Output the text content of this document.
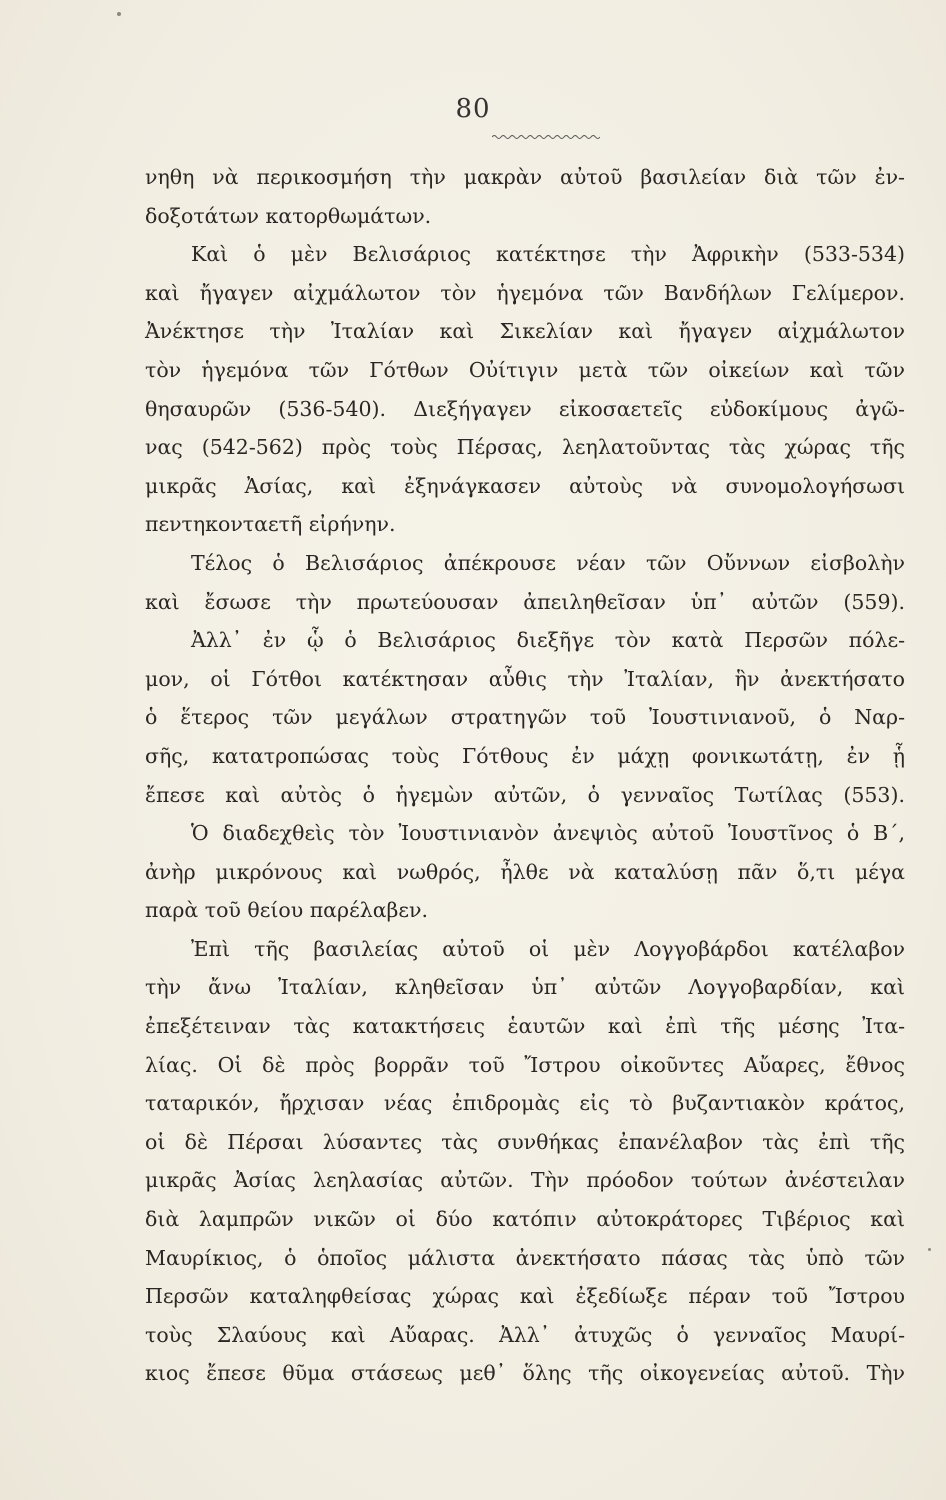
80
νηθη νὰ περικοσμήση τὴν μακρὰν αὐτοῦ βασιλείαν διὰ τῶν ἐν-
δοξοτάτων κατορθωμάτων.
Καὶ ὁ μὲν Βελισάριος κατέκτησε τὴν Ἀφρικὴν (533-534)
καὶ ἤγαγεν αἰχμάλωτον τὸν ἡγεμόνα τῶν Βανδήλων Γελίμερον.
Ἀνέκτησε τὴν Ἰταλίαν καὶ Σικελίαν καὶ ἤγαγεν αἰχμάλωτον
τὸν ἡγεμόνα τῶν Γότθων Οὐίτιγιν μετὰ τῶν οἰκείων καὶ τῶν
θησαυρῶν (536-540). Διεξήγαγεν εἰκοσαετεῖς εὐδοκίμους ἀγῶ-
νας (542-562) πρὸς τοὺς Πέρσας, λεηλατοῦντας τὰς χώρας τῆς
μικρᾶς Ἀσίας, καὶ ἐξηνάγκασεν αὐτοὺς νὰ συνομολογήσωσι
πεντηκονταετῆ εἰρήνην.
Τέλος ὁ Βελισάριος ἀπέκρουσε νέαν τῶν Οὔννων εἰσβολὴν
καὶ ἔσωσε τὴν πρωτεύουσαν ἀπειληθεῖσαν ὑπ᾽ αὐτῶν (559).
Ἀλλ᾽ ἐν ᾧ ὁ Βελισάριος διεξῆγε τὸν κατὰ Περσῶν πόλε-
μον, οἱ Γότθοι κατέκτησαν αὖθις τὴν Ἰταλίαν, ἣν ἀνεκτήσατο
ὁ ἕτερος τῶν μεγάλων στρατηγῶν τοῦ Ἰουστινιανοῦ, ὁ Ναρ-
σῆς, κατατροπώσας τοὺς Γότθους ἐν μάχῃ φονικωτάτῃ, ἐν ᾗ
ἔπεσε καὶ αὐτὸς ὁ ἡγεμὼν αὐτῶν, ὁ γενναῖος Τωτίλας (553).
Ὁ διαδεχθεὶς τὸν Ἰουστινιανὸν ἀνεψιὸς αὐτοῦ Ἰουστῖνος ὁ Β´,
ἀνὴρ μικρόνους καὶ νωθρός, ἦλθε νὰ καταλύσῃ πᾶν ὅ,τι μέγα
παρὰ τοῦ θείου παρέλαβεν.
Ἐπὶ τῆς βασιλείας αὐτοῦ οἱ μὲν Λογγοβάρδοι κατέλαβον
τὴν ἄνω Ἰταλίαν, κληθεῖσαν ὑπ᾽ αὐτῶν Λογγοβαρδίαν, καὶ
ἐπεξέτειναν τὰς κατακτήσεις ἑαυτῶν καὶ ἐπὶ τῆς μέσης Ἰτα-
λίας. Οἱ δὲ πρὸς βορρᾶν τοῦ Ἴστρου οἰκοῦντες Αὔαρες, ἔθνος
ταταρικόν, ἤρχισαν νέας ἐπιδρομὰς εἰς τὸ βυζαντιακὸν κράτος,
οἱ δὲ Πέρσαι λύσαντες τὰς συνθήκας ἐπανέλαβον τὰς ἐπὶ τῆς
μικρᾶς Ἀσίας λεηλασίας αὐτῶν. Τὴν πρόοδον τούτων ἀνέστειλαν
διὰ λαμπρῶν νικῶν οἱ δύο κατόπιν αὐτοκράτορες Τιβέριος καὶ
Μαυρίκιος, ὁ ὁποῖος μάλιστα ἀνεκτήσατο πάσας τὰς ὑπὸ τῶν
Περσῶν καταληφθείσας χώρας καὶ ἐξεδίωξε πέραν τοῦ Ἴστρου
τοὺς Σλαύους καὶ Αὔαρας. Ἀλλ᾽ ἀτυχῶς ὁ γενναῖος Μαυρί-
κιος ἔπεσε θῦμα στάσεως μεθ᾽ ὅλης τῆς οἰκογενείας αὐτοῦ. Τὴν
